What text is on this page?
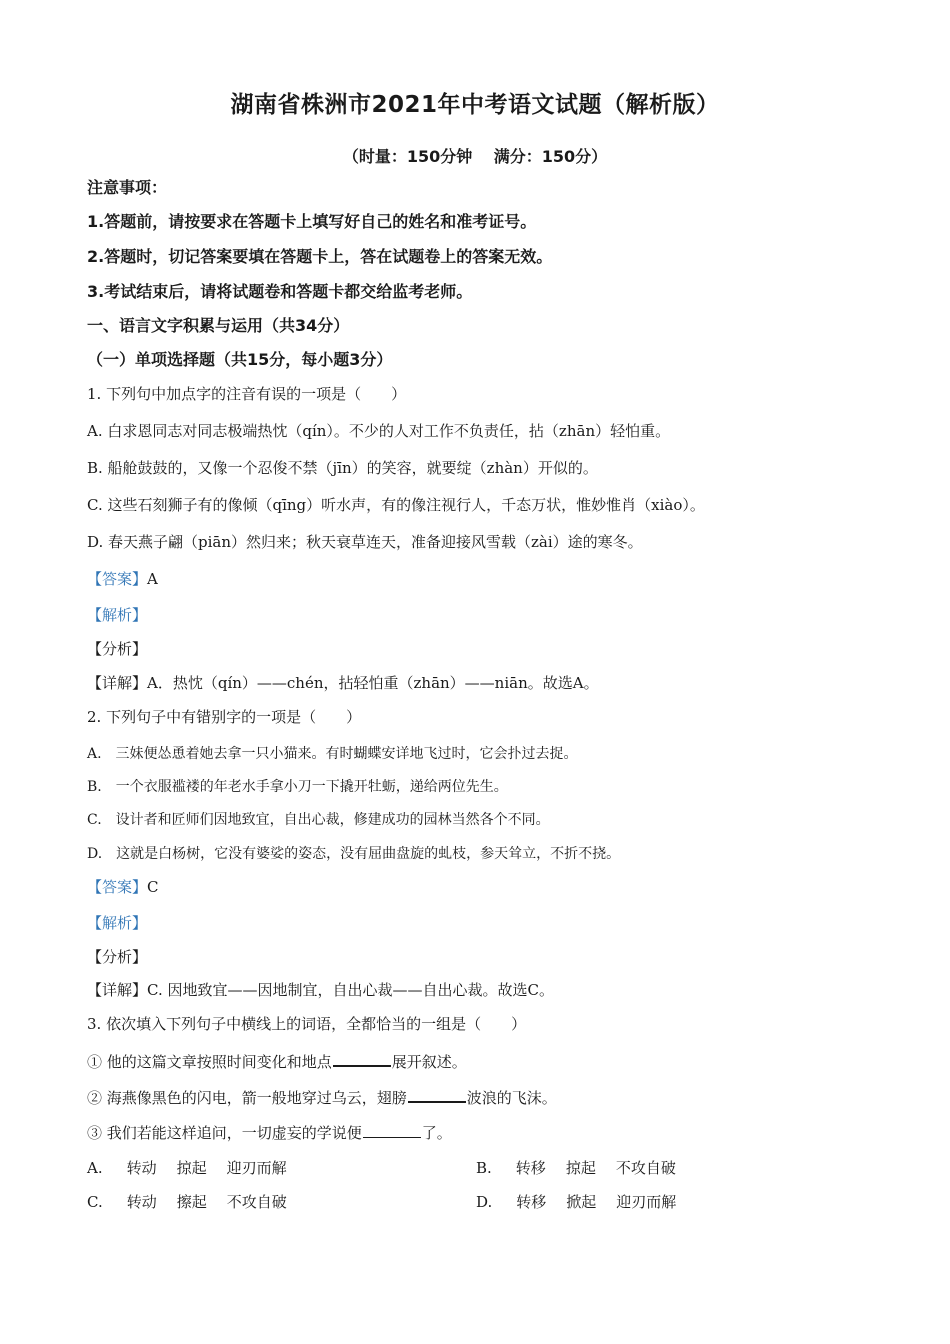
湖南省株洲市2021年中考语文试题（解析版）
（时量：150分钟　 满分：150分）
注意事项：
1.答题前，请按要求在答题卡上填写好自己的姓名和准考证号。
2.答题时，切记答案要填在答题卡上，答在试题卷上的答案无效。
3.考试结束后，请将试题卷和答题卡都交给监考老师。
一、语言文字积累与运用（共34分）
（一）单项选择题（共15分，每小题3分）
1. 下列句中加点字的注音有误的一项是（　　）
A. 白求恩同志对同志极端热忱（qín）。不少的人对工作不负责任，拈（zhān）轻怕重。
B. 船舱鼓鼓的，又像一个忍俊不禁（jīn）的笑容，就要绽（zhàn）开似的。
C. 这些石刻狮子有的像倾（qīng）听水声，有的像注视行人，千态万状，惟妙惟肖（xiào）。
D. 春天燕子翩（piān）然归来；秋天衰草连天，准备迎接风雪载（zài）途的寒冬。
【答案】A
【解析】
【分析】
【详解】A．热忱（qín）——chén，拈轻怕重（zhān）——niān。故选A。
2. 下列句子中有错别字的一项是（　　）
A.　三妹便怂恿着她去拿一只小猫来。有时蝴蝶安详地飞过时，它会扑过去捉。
B.　一个衣服褴褛的年老水手拿小刀一下撬开牡蛎，递给两位先生。
C.　设计者和匠师们因地致宜，自出心裁，修建成功的园林当然各个不同。
D.　这就是白杨树，它没有婆娑的姿态，没有屈曲盘旋的虬枝，参天耸立，不折不挠。
【答案】C
【解析】
【分析】
【详解】C. 因地致宜——因地制宜，自出心裁——自出心裁。故选C。
3. 依次填入下列句子中横线上的词语，全都恰当的一组是（　　）
① 他的这篇文章按照时间变化和地点	展开叙述。
② 海燕像黑色的闪电，箭一般地穿过乌云，翅膀	波浪的飞沫。
③ 我们若能这样追问，一切虚妄的学说便	了。
A. 转动 掠起 迎刃而解	B. 转移 掠起 不攻自破
C. 转动 擦起 不攻自破	D. 转移 掀起 迎刃而解
